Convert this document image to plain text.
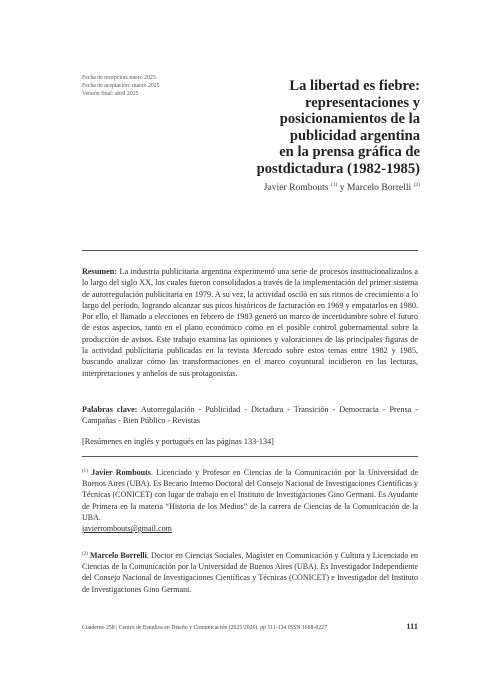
Fecha de recepción: enero 2025
Fecha de aceptación: marzo 2025
Versión final: abril 2025	La libertad es fiebre:
representaciones y
posicionamientos de la
publicidad argentina
en la prensa gráfica de
postdictadura (1982-1985)
Javier Rombouts $^{(1)}$ y Marcelo Borrelli $^{(2)}$
Resumen: La industria publicitaria argentina experimentó una serie de procesos institucionalizados a lo largo del siglo XX, los cuales fueron consolidados a través de la implementación del primer sistema de autorregulación publicitaria en 1979. A su vez, la actividad osciló en sus ritmos de crecimiento a lo largo del período, logrando alcanzar sus picos históricos de facturación en 1969 y empatarlos en 1980. Por ello, el llamado a elecciones en febrero de 1983 generó un marco de incertidumbre sobre el futuro de estos aspectos, tanto en el plano económico como en el posible control gubernamental sobre la producción de avisos. Este trabajo examina las opiniones y valoraciones de las principales figuras de la actividad publicitaria publicadas en la revista Mercado sobre estos temas entre 1982 y 1985, buscando analizar cómo las transformaciones en el marco coyuntural incidieron en las lecturas, interpretaciones y anhelos de sus protagonistas.
Palabras clave: Autorregulación - Publicidad - Dictadura - Transición - Democracia - Prensa - Campañas - Bien Público - Revistas
[Resúmenes en inglés y portugués en las páginas 133-134]
$^{(1)}$ Javier Rombouts. Licenciado y Profesor en Ciencias de la Comunicación por la Universidad de Buenos Aires (UBA). Es Becario Interno Doctoral del Consejo Nacional de Investigaciones Científicas y Técnicas (CONICET) con lugar de trabajo en el Instituto de Investigaciones Gino Germani. Es Ayudante de Primera en la materia “Historia de los Medios” de la carrera de Ciencias de la Comunicación de la UBA.
javierrombouts@gmail.com
$^{(2)}$ Marcelo Borrelli. Doctor en Ciencias Sociales, Magíster en Comunicación y Cultura y Licenciado en Ciencias de la Comunicación por la Universidad de Buenos Aires (UBA). Es Investigador Independiente del Consejo Nacional de Investigaciones Científicas y Técnicas (CONICET) e Investigador del Instituto de Investigaciones Gino Germani.
Cuaderno 258 | Centro de Estudios en Diseño y Comunicación (2025/2026). pp 111-134 ISSN 1668-0227	111
